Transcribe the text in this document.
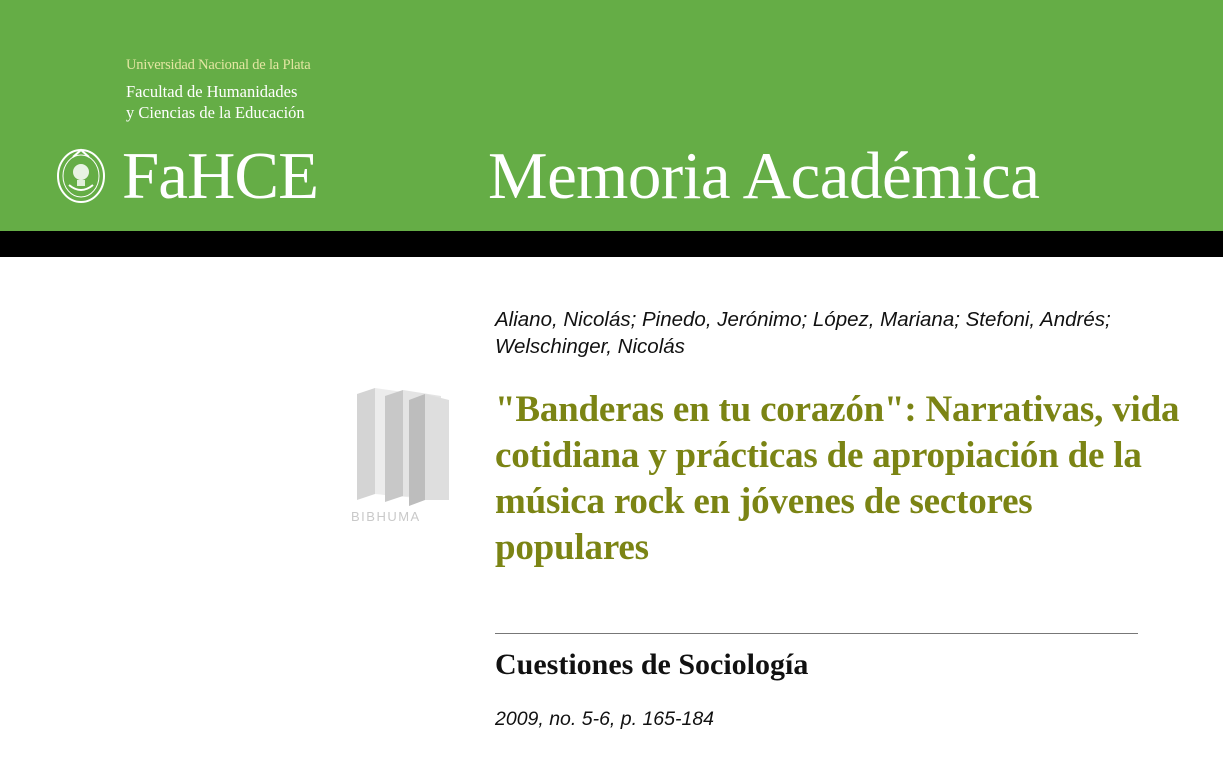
Universidad Nacional de la Plata
Facultad de Humanidades
y Ciencias de la Educación
FaHCE	Memoria Académica
BIBHUMA
Aliano, Nicolás; Pinedo, Jerónimo; López, Mariana; Stefoni, Andrés; Welschinger, Nicolás
"Banderas en tu corazón": Narrativas, vida cotidiana y prácticas de apropiación de la música rock en jóvenes de sectores populares
Cuestiones de Sociología
2009, no. 5-6, p. 165-184
